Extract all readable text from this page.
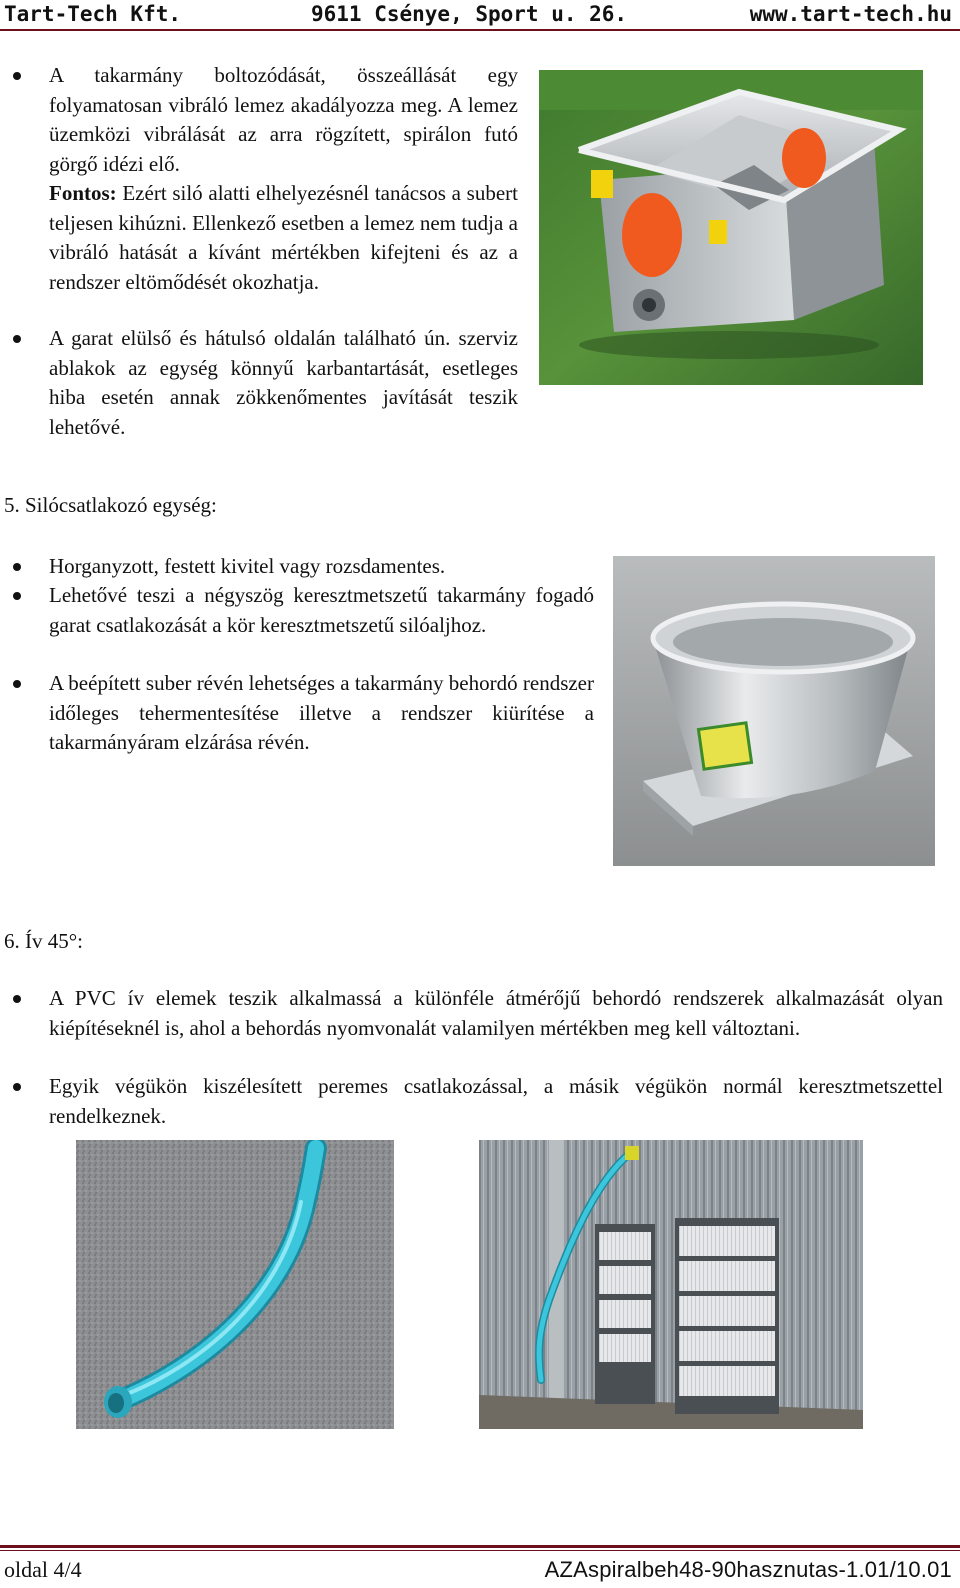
Tart-Tech Kft.	9611 Csénye, Sport u. 26.	www.tart-tech.hu

A takarmány boltozódását, összeállását egy folyamatosan vibráló lemez akadályozza meg. A lemez üzemközi vibrálását az arra rögzített, spirálon futó görgő idézi elő.
Fontos: Ezért siló alatti elhelyezésnél tanácsos a subert teljesen kihúzni. Ellenkező esetben a lemez nem tudja a vibráló hatását a kívánt mértékben kifejteni és az a rendszer eltömődését okozhatja.

A garat elülső és hátulsó oldalán található ún. szerviz ablakok az egység könnyű karbantartását, esetleges hiba esetén annak zökkenőmentes javítását teszik lehetővé.

5. Silócsatlakozó egység:

Horganyzott, festett kivitel vagy rozsdamentes.

Lehetővé teszi a négyszög keresztmetszetű takarmány fogadó garat csatlakozását a kör keresztmetszetű silóaljhoz.

A beépített suber révén lehetséges a takarmány behordó rendszer időleges tehermentesítése illetve a rendszer kiürítése a takarmányáram elzárása révén.

6. Ív 45°:

A PVC ív elemek teszik alkalmassá a különféle átmérőjű behordó rendszerek alkalmazását olyan kiépítéseknél is, ahol a behordás nyomvonalát valamilyen mértékben meg kell változtani.

Egyik végükön kiszélesített peremes csatlakozással, a másik végükön normál keresztmetszettel rendelkeznek.

oldal 4/4	AZAspiralbeh48-90hasznutas-1.01/10.01
